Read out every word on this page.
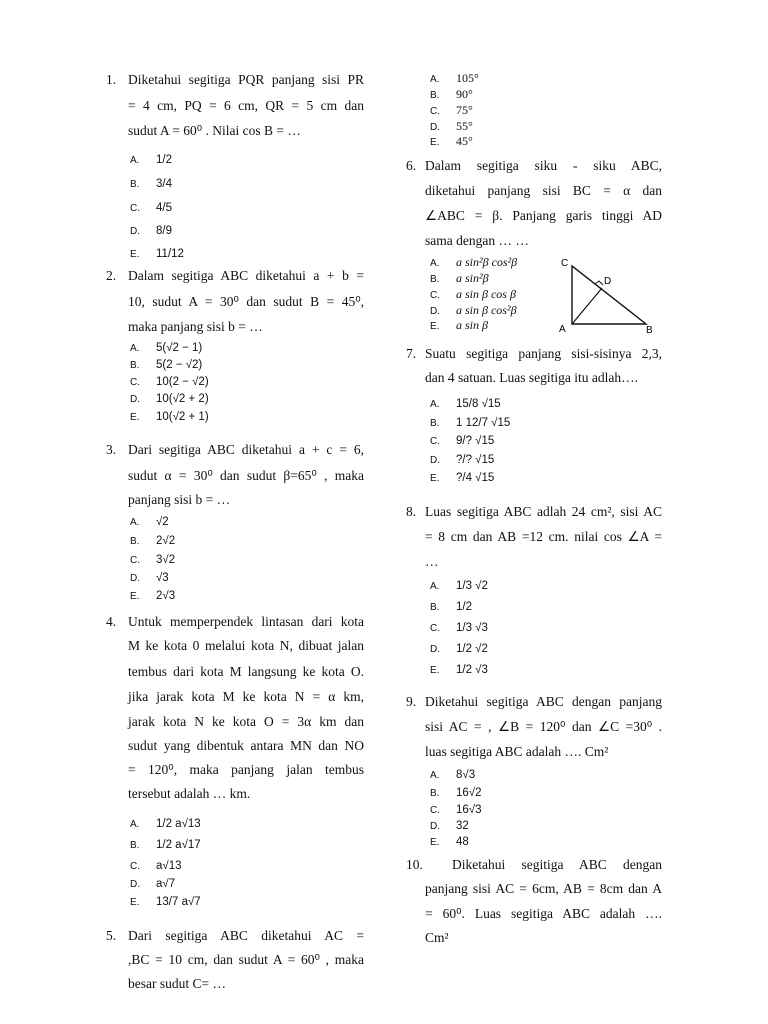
1. Diketahui segitiga PQR panjang sisi PR
= 4 cm, PQ = 6 cm, QR = 5 cm dan
sudut A = 60⁰ . Nilai cos B = …
A. 1/2
B. 3/4
C. 4/5
D. 8/9
E. 11/12
2. Dalam segitiga ABC diketahui a + b =
10, sudut A = 30⁰ dan sudut B = 45⁰,
maka panjang sisi b = …
A. 5(√2 − 1)
B. 5(2 − √2)
C. 10(2 − √2)
D. 10(√2 + 2)
E. 10(√2 + 1)
3. Dari segitiga ABC diketahui a + c = 6,
sudut α = 30⁰ dan sudut β=65⁰ , maka
panjang sisi b = …
A. √2
B. 2√2
C. 3√2
D. √3
E. 2√3
4. Untuk memperpendek lintasan dari kota
M ke kota 0 melalui kota N, dibuat jalan
tembus dari kota M langsung ke kota O.
jika jarak kota M ke kota N = α km,
jarak kota N ke kota O = 3α km dan
sudut yang dibentuk antara MN dan NO
= 120⁰, maka panjang jalan tembus
tersebut adalah … km.
A. 1/2 a√13
B. 1/2 a√17
C. a√13
D. a√7
E. 13/7 a√7
5. Dari segitiga ABC diketahui AC =
,BC = 10 cm, dan sudut A = 60⁰ , maka
besar sudut C= …
A. 105°
B. 90°
C. 75°
D. 55°
E. 45°
6. Dalam segitiga siku - siku ABC,
diketahui panjang sisi BC = α dan
∠ABC = β. Panjang garis tinggi AD
sama dengan … …
A. a sin²β cos²β
B. a sin²β
C. a sin β cos β
D. a sin β cos²β
E. a sin β
C
D
A	B
7. Suatu segitiga panjang sisi-sisinya 2,3,
dan 4 satuan. Luas segitiga itu adlah….
A. 15/8 √15
B. 1 12/7 √15
C. 9/? √15
D. ?/? √15
E. ?/4 √15
8. Luas segitiga ABC adlah 24 cm², sisi AC
= 8 cm dan AB =12 cm. nilai cos ∠A =
…
A. 1/3 √2
B. 1/2
C. 1/3 √3
D. 1/2 √2
E. 1/2 √3
9. Diketahui segitiga ABC dengan panjang
sisi AC = , ∠B = 120⁰ dan ∠C =30⁰ .
luas segitiga ABC adalah …. Cm²
A. 8√3
B. 16√2
C. 16√3
D. 32
E. 48
10. Diketahui segitiga ABC dengan
panjang sisi AC = 6cm, AB = 8cm dan A
= 60⁰. Luas segitiga ABC adalah ….
Cm²
